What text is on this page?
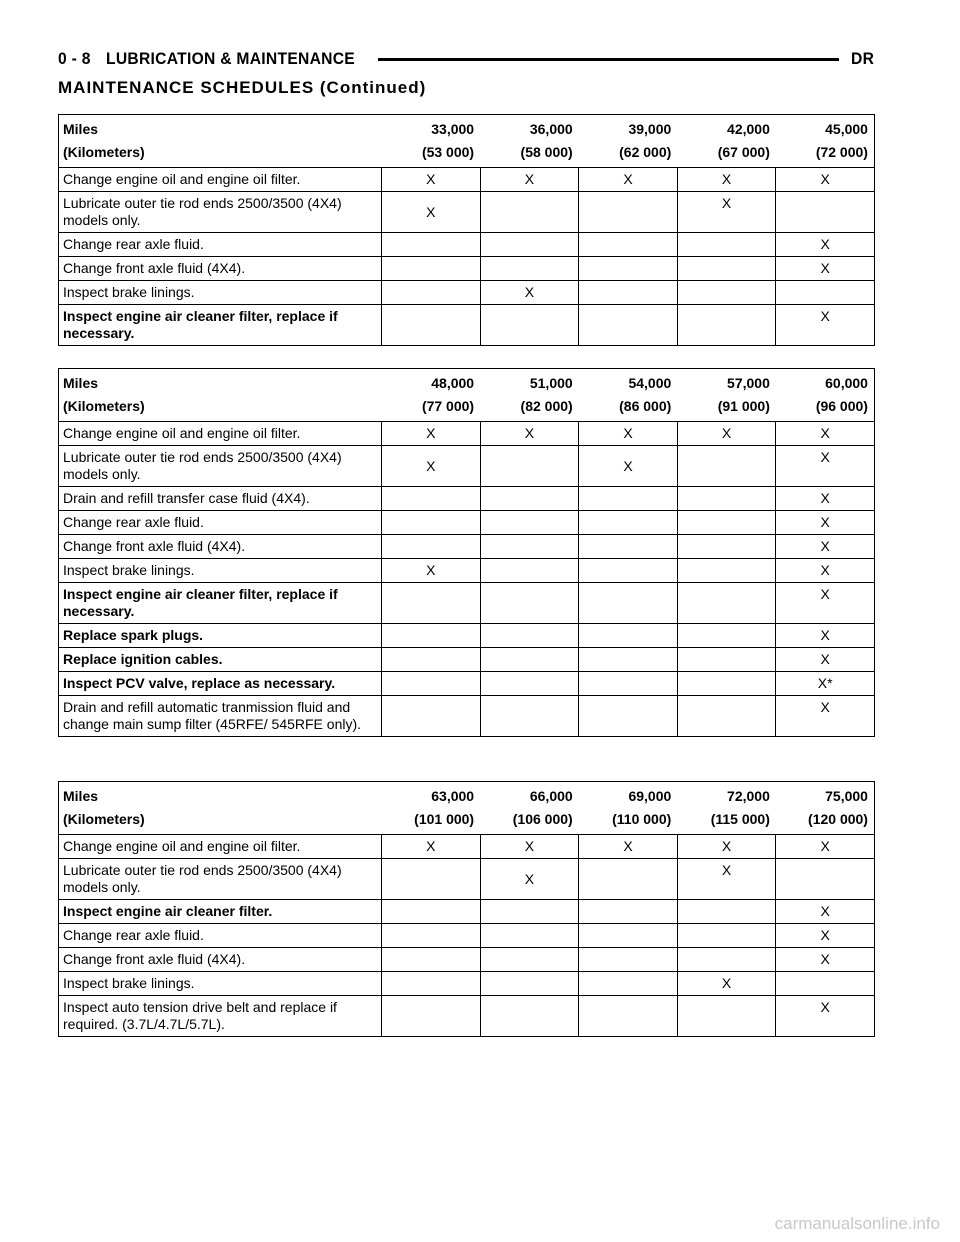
0 - 8 LUBRICATION & MAINTENANCE	DR
MAINTENANCE SCHEDULES (Continued)
Miles	33,000	36,000	39,000	42,000	45,000
(Kilometers)	(53 000)	(58 000)	(62 000)	(67 000)	(72 000)
Change engine oil and engine oil filter.	X	X	X	X	X
Lubricate outer tie rod ends 2500/3500 (4X4) models only.	X			X	
Change rear axle fluid.					X
Change front axle fluid (4X4).					X
Inspect brake linings.		X			
Inspect engine air cleaner filter, replace if necessary.					X
Miles	48,000	51,000	54,000	57,000	60,000
(Kilometers)	(77 000)	(82 000)	(86 000)	(91 000)	(96 000)
Change engine oil and engine oil filter.	X	X	X	X	X
Lubricate outer tie rod ends 2500/3500 (4X4) models only.	X		X		X
Drain and refill transfer case fluid (4X4).					X
Change rear axle fluid.					X
Change front axle fluid (4X4).					X
Inspect brake linings.	X				X
Inspect engine air cleaner filter, replace if necessary.					X
Replace spark plugs.					X
Replace ignition cables.					X
Inspect PCV valve, replace as necessary.					X*
Drain and refill automatic tranmission fluid and change main sump filter (45RFE/ 545RFE only).					X
Miles	63,000	66,000	69,000	72,000	75,000
(Kilometers)	(101 000)	(106 000)	(110 000)	(115 000)	(120 000)
Change engine oil and engine oil filter.	X	X	X	X	X
Lubricate outer tie rod ends 2500/3500 (4X4) models only.		X		X	
Inspect engine air cleaner filter.					X
Change rear axle fluid.					X
Change front axle fluid (4X4).					X
Inspect brake linings.				X	
Inspect auto tension drive belt and replace if required. (3.7L/4.7L/5.7L).					X
carmanualsonline.info
